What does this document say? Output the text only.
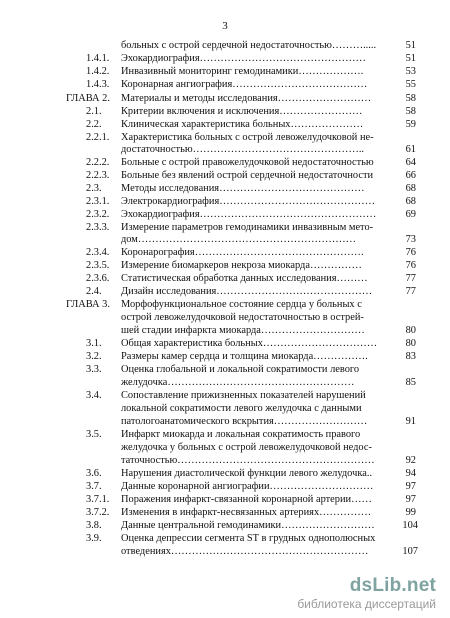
3
больных с острой сердечной недостаточностью……….....	51
1.4.1. Эхокардиография…………………………………………	51
1.4.2. Инвазивный мониторинг гемодинамики……………….	53
1.4.3. Коронарная ангиография…………………………………	55
ГЛАВА 2. Материалы и методы исследования………………………	58
2.1. Критерии включения и исключения……………………	58
2.2. Клиническая характеристика больных…………………	59
2.2.1. Характеристика больных с острой левожелудочковой не-
достаточностью…………………………………………..	61
2.2.2. Больные с острой правожелудочковой недостаточностью	64
2.2.3. Больные без явлений острой сердечной недостаточности	66
2.3. Методы исследования……………………………………	68
2.3.1. Электрокардиография………………………………………	68
2.3.2. Эхокардиография……………………………………………	69
2.3.3. Измерение параметров гемодинамики инвазивным мето-
дом………………………………………………………	73
2.3.4. Коронарография………………………………………….	76
2.3.5. Измерение биомаркеров некроза миокарда……………	76
2.3.6. Статистическая обработка данных исследования………	77
2.4. Дизайн исследования………………………………………	77
ГЛАВА 3. Морфофункциональное состояние сердца у больных с
острой левожелудочковой недостаточностью в острей-
шей стадии инфаркта миокарда…………………………	80
3.1. Общая характеристика больных……………………………	80
3.2. Размеры камер сердца и толщина миокарда…………….	83
3.3. Оценка глобальной и локальной сократимости левого
желудочка………………………………………………	85
3.4. Сопоставление прижизненных показателей нарушений
локальной сократимости левого желудочка с данными
патологоанатомического вскрытия………………………	91
3.5. Инфаркт миокарда и локальная сократимость правого
желудочка у больных с острой левожелудочковой недос-
таточностью…………………………………………………	92
3.6. Нарушения диастолической функции левого желудочка..	94
3.7. Данные коронарной ангиографии…………………………	97
3.7.1. Поражения инфаркт-связанной коронарной артерии……	97
3.7.2. Изменения в инфаркт-несвязанных артериях……………	99
3.8. Данные центральной гемодинамики………………………	104
3.9. Оценка депрессии сегмента ST в грудных однополюсных
отведениях…………………………………………………	107
dsLib.net
библиотека диссертаций
